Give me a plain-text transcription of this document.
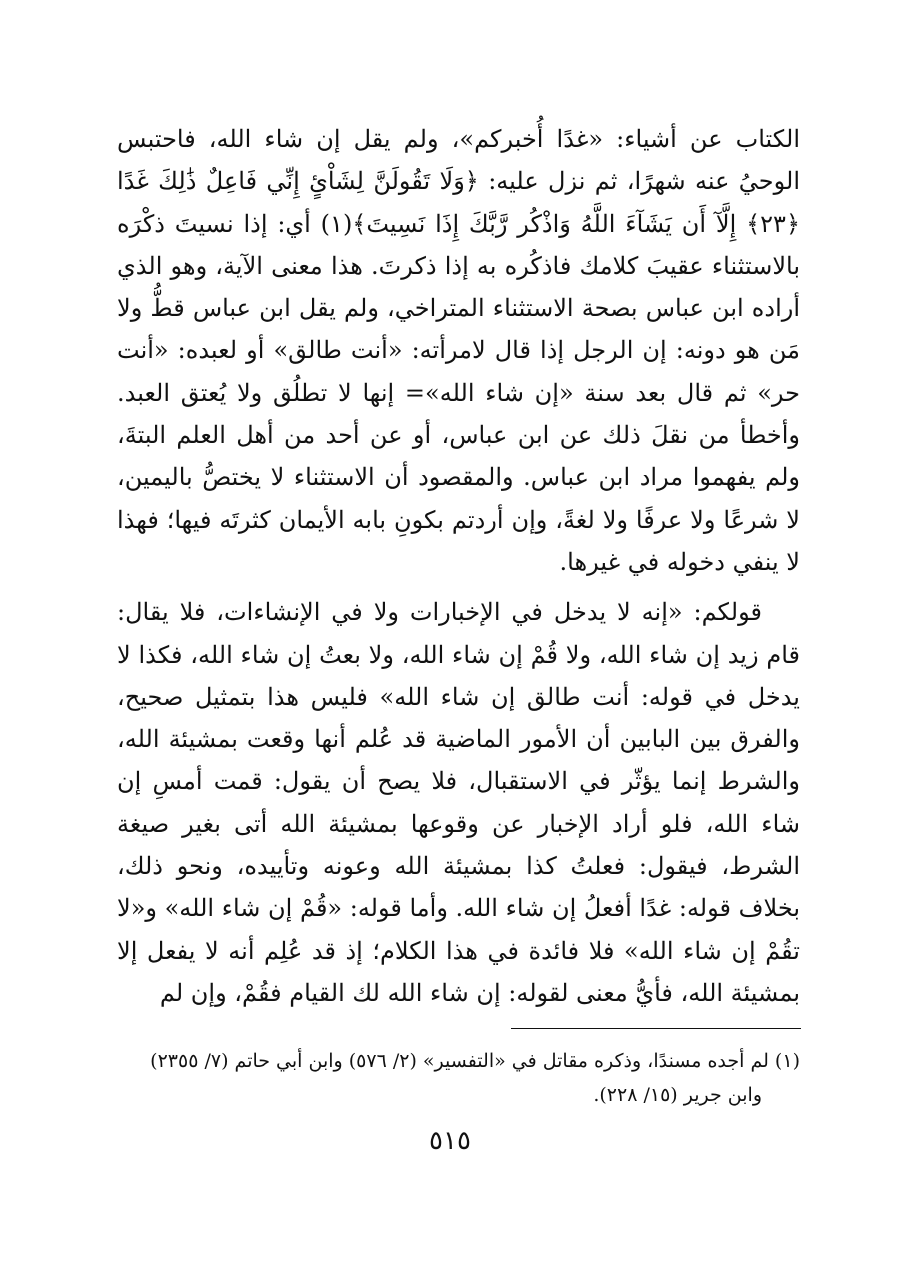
الكتاب عن أشياء: «غدًا أُخبركم»، ولم يقل إن شاء الله، فاحتبس الوحيُ عنه شهرًا، ثم نزل عليه: ﴿وَلَا تَقُولَنَّ لِشَاْئٍ إِنِّي فَاعِلٌ ذَٰلِكَ غَدًا ﴿٢٣﴾ إِلَّآ أَن يَشَآءَ اللَّهُ وَاذْكُر رَّبَّكَ إِذَا نَسِيتَ﴾(١) أي: إذا نسيتَ ذكْرَه بالاستثناء عقيبَ كلامك فاذكُره به إذا ذكرتَ. هذا معنى الآية، وهو الذي أراده ابن عباس بصحة الاستثناء المتراخي، ولم يقل ابن عباس قطُّ ولا مَن هو دونه: إن الرجل إذا قال لامرأته: «أنت طالق» أو لعبده: «أنت حر» ثم قال بعد سنة «إن شاء الله»= إنها لا تطلُق ولا يُعتق العبد. وأخطأ من نقلَ ذلك عن ابن عباس، أو عن أحد من أهل العلم البتةَ، ولم يفهموا مراد ابن عباس. والمقصود أن الاستثناء لا يختصُّ باليمين، لا شرعًا ولا عرفًا ولا لغةً، وإن أردتم بكونِ بابه الأيمان كثرتَه فيها؛ فهذا لا ينفي دخوله في غيرها.

قولكم: «إنه لا يدخل في الإخبارات ولا في الإنشاءات، فلا يقال: قام زيد إن شاء الله، ولا قُمْ إن شاء الله، ولا بعتُ إن شاء الله، فكذا لا يدخل في قوله: أنت طالق إن شاء الله» فليس هذا بتمثيل صحيح، والفرق بين البابين أن الأمور الماضية قد عُلم أنها وقعت بمشيئة الله، والشرط إنما يؤثّر في الاستقبال، فلا يصح أن يقول: قمت أمسِ إن شاء الله، فلو أراد الإخبار عن وقوعها بمشيئة الله أتى بغير صيغة الشرط، فيقول: فعلتُ كذا بمشيئة الله وعونه وتأييده، ونحو ذلك، بخلاف قوله: غدًا أفعلُ إن شاء الله. وأما قوله: «قُمْ إن شاء الله» و«لا تقُمْ إن شاء الله» فلا فائدة في هذا الكلام؛ إذ قد عُلِم أنه لا يفعل إلا بمشيئة الله، فأيُّ معنى لقوله: إن شاء الله لك القيام فقُمْ، وإن لم

(١) لم أجده مسندًا، وذكره مقاتل في «التفسير» (٢/ ٥٧٦) وابن أبي حاتم (٧/ ٢٣٥٥)
وابن جرير (١٥/ ٢٢٨).
٥١٥
